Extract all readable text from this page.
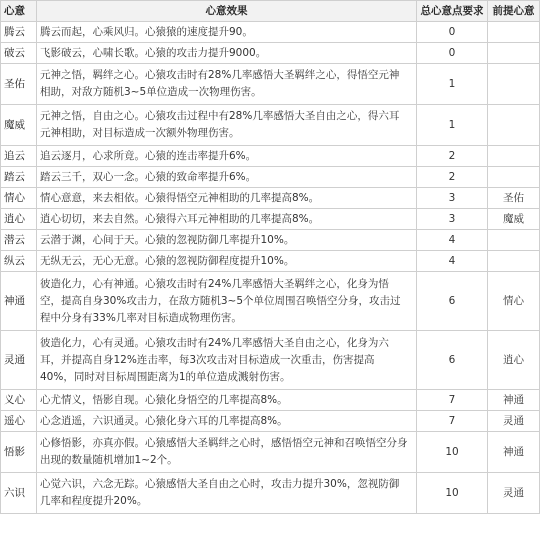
心意	心意效果	总心意点要求	前提心意
腾云	腾云而起，心乘风归。心猿猿的速度提升90。	0	
破云	飞影破云，心啸长歌。心猿的攻击力提升9000。	0	
圣佑	元神之悟，羁绊之心。心猿攻击时有28%几率感悟大圣羁绊之心，得悟空元神
相助，对敌方随机3~5单位造成一次物理伤害。	1	
魔威	元神之悟，自由之心。心猿攻击过程中有28%几率感悟大圣自由之心，得六耳
元神相助，对目标造成一次额外物理伤害。	1	
追云	追云逐月，心求所竟。心猿的连击率提升6%。	2	
踏云	踏云三千，双心一念。心猿的致命率提升6%。	2	
情心	情心意意，来去相依。心猿得悟空元神相助的几率提高8%。	3	圣佑
逍心	逍心切切，来去自然。心猿得六耳元神相助的几率提高8%。	3	魔威
潜云	云潜于渊，心间于天。心猿的忽视防御几率提升10%。	4	
纵云	无纵无云，无心无意。心猿的忽视防御程度提升10%。	4	
神通	彼造化力，心有神通。心猿攻击时有24%几率感悟大圣羁绊之心，化身为悟
空，提高自身30%攻击力，在敌方随机3~5个单位周围召唤悟空分身，攻击过
程中分身有33%几率对目标造成物理伤害。	6	情心
灵通	彼造化力，心有灵通。心猿攻击时有24%几率感悟大圣自由之心，化身为六
耳，并提高自身12%连击率，每3次攻击对目标造成一次重击，伤害提高
40%，同时对目标周围距离为1的单位造成溅射伤害。	6	逍心
义心	心尤情义，悟影自现。心猿化身悟空的几率提高8%。	7	神通
遥心	心念逍遥，六识通灵。心猿化身六耳的几率提高8%。	7	灵通
悟影	心修悟影，亦真亦假。心猿感悟大圣羁绊之心时，感悟悟空元神和召唤悟空分身
出现的数量随机增加1~2个。	10	神通
六识	心觉六识，六念无踪。心猿感悟大圣自由之心时，攻击力提升30%，忽视防御
几率和程度提升20%。	10	灵通
